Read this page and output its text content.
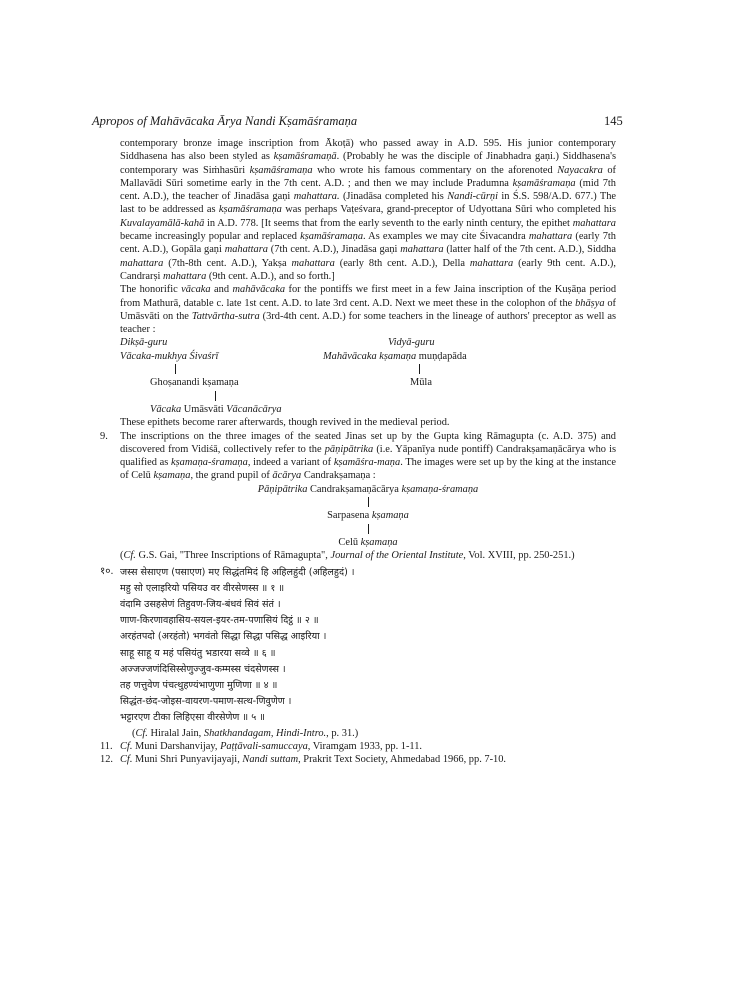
Apropos of Mahāvācaka Ārya Nandi Kṣamāśramaṇa	145

contemporary bronze image inscription from Ākoṭā) who passed away in A.D. 595. His junior contemporary Siddhasena has also been styled as kṣamāśramaṇā. (Probably he was the disciple of Jinabhadra gaṇi.) Siddhasena's contemporary was Siṁhasūri kṣamāśramaṇa who wrote his famous commentary on the aforenoted Nayacakra of Mallavādi Sūri sometime early in the 7th cent. A.D. ; and then we may include Pradumna kṣamāśramaṇa (mid 7th cent. A.D.), the teacher of Jinadāsa gaṇi mahattara. (Jinadāsa completed his Nandi-cūrṇi in Ś.S. 598/A.D. 677.) The last to be addressed as kṣamāśramaṇa was perhaps Vaṭeśvara, grand-preceptor of Udyottana Sūri who completed his Kuvalayamālā-kahā in A.D. 778. [It seems that from the early seventh to the early ninth century, the epithet mahattara became increasingly popular and replaced kṣamāśramaṇa. As examples we may cite Śivacandra mahattara (early 7th cent. A.D.), Gopāla gaṇi mahattara (7th cent. A.D.), Jinadāsa gaṇi mahattara (latter half of the 7th cent. A.D.), Siddha mahattara (7th-8th cent. A.D.), Yakṣa mahattara (early 8th cent. A.D.), Della mahattara (early 9th cent. A.D.), Candrarṣi mahattara (9th cent. A.D.), and so forth.]

The honorific vācaka and mahāvācaka for the pontiffs we first meet in a few Jaina inscription of the Kuṣāṇa period from Mathurā, datable c. late 1st cent. A.D. to late 3rd cent. A.D. Next we meet these in the colophon of the bhāṣya of Umāsvāti on the Tattvārtha-sutra (3rd-4th cent. A.D.) for some teachers in the lineage of authors' preceptor as well as teacher :

Dikṣā-guru	Vidyā-guru
Vācaka-mukhya Śivaśrī	Mahāvācaka kṣamaṇa muṇḍapāda
Ghoṣanandi kṣamaṇa	Mūla
Vācaka Umāsvāti Vācanācārya

These epithets become rarer afterwards, though revived in the medieval period.

9. The inscriptions on the three images of the seated Jinas set up by the Gupta king Rāmagupta (c. A.D. 375) and discovered from Vidiśā, collectively refer to the pāṇipātrika (i.e. Yāpanīya nude pontiff) Candrakṣamaṇācārya who is qualified as kṣamaṇa-śramaṇa, indeed a variant of kṣamāśra-maṇa. The images were set up by the king at the instance of Celū kṣamaṇa, the grand pupil of ācārya Candrakṣamaṇa :

Pāṇipātrika Candrakṣamaṇācārya kṣamaṇa-śramaṇa
Sarpasena kṣamaṇa
Celū kṣamaṇa

(Cf. G.S. Gai, "Three Inscriptions of Rāmagupta", Journal of the Oriental Institute, Vol. XVIII, pp. 250-251.)

१०. जस्स सेसाएण (पसाएण) मए सिद्धंतमिदं हि अहिलहुंदी (अहिलहुदं) ।
महु सो एलाइरियो पसियउ वर वीरसेणस्स ॥ १ ॥
वंदामि उसहसेणं तिहुवण-जिय-बंधवं सिवं संतं ।
णाण-किरणावहासिय-सयल-इयर-तम-पणासियं दिट्ठं ॥ २ ॥
अरहंतपदो (अरहंतो) भगवंतो सिद्धा सिद्धा पसिद्ध आइरिया ।
साहू साहू य महं पसियंतु भडारया सव्वे ॥ ६ ॥
अज्जज्जणंदिसिस्सेणुज्जुव-कम्मस्स चंदसेणस्स ।
तह णत्तुवेण पंचत्थुहण्यंभाणुणा मुणिणा ॥ ४ ॥
सिद्धंत-छंद-जोइस-वायरण-पमाण-सत्थ-णिवुणेण ।
भट्टारएण टीका लिहिएसा वीरसेणेण ॥ ५ ॥

(Cf. Hiralal Jain, Shatkhandagam, Hindi-Intro., p. 31.)

11. Cf. Muni Darshanvijay, Paṭṭāvali-samuccaya, Viramgam 1933, pp. 1-11.

12. Cf. Muni Shri Punyavijayaji, Nandi suttam, Prakrit Text Society, Ahmedabad 1966, pp. 7-10.
